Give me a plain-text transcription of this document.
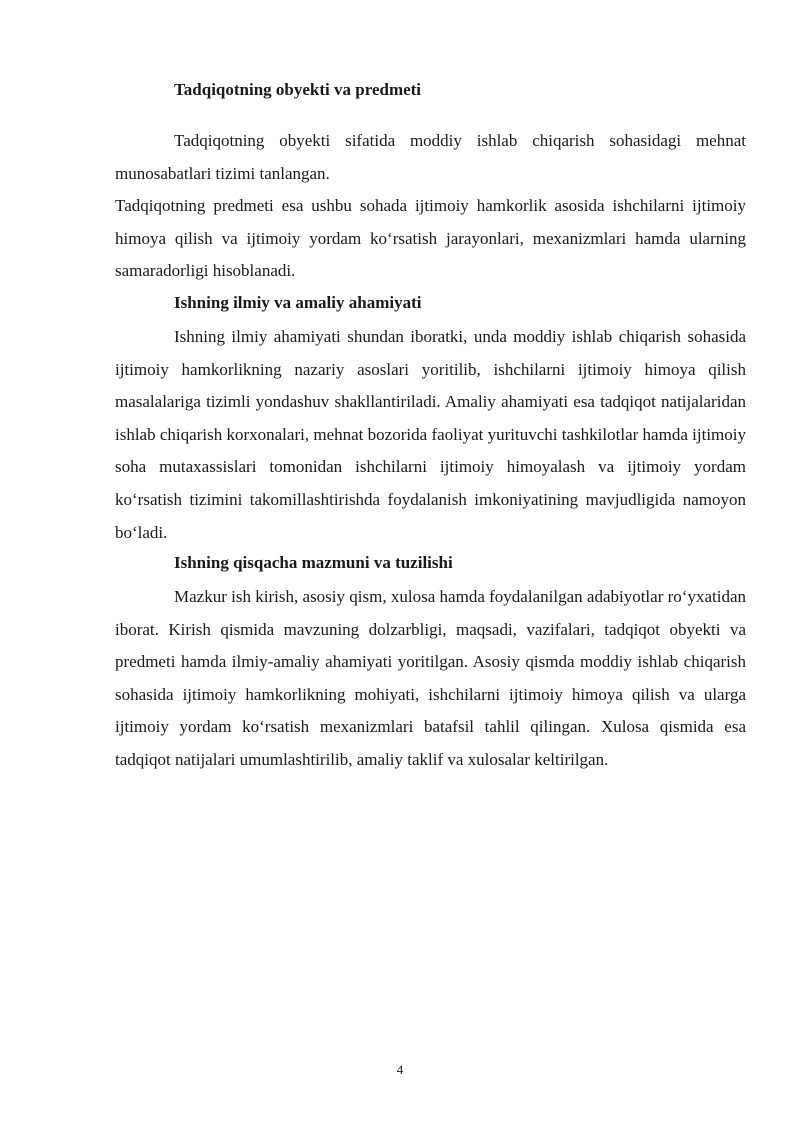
Tadqiqotning obyekti va predmeti
Tadqiqotning obyekti sifatida moddiy ishlab chiqarish sohasidagi mehnat munosabatlari tizimi tanlangan.
Tadqiqotning predmeti esa ushbu sohada ijtimoiy hamkorlik asosida ishchilarni ijtimoiy himoya qilish va ijtimoiy yordam ko‘rsatish jarayonlari, mexanizmlari hamda ularning samaradorligi hisoblanadi.
Ishning ilmiy va amaliy ahamiyati
Ishning ilmiy ahamiyati shundan iboratki, unda moddiy ishlab chiqarish sohasida ijtimoiy hamkorlikning nazariy asoslari yoritilib, ishchilarni ijtimoiy himoya qilish masalalariga tizimli yondashuv shakllantiriladi. Amaliy ahamiyati esa tadqiqot natijalaridan ishlab chiqarish korxonalari, mehnat bozorida faoliyat yurituvchi tashkilotlar hamda ijtimoiy soha mutaxassislari tomonidan ishchilarni ijtimoiy himoyalash va ijtimoiy yordam ko‘rsatish tizimini takomillashtirishda foydalanish imkoniyatining mavjudligida namoyon bo‘ladi.
Ishning qisqacha mazmuni va tuzilishi
Mazkur ish kirish, asosiy qism, xulosa hamda foydalanilgan adabiyotlar ro‘yxatidan iborat. Kirish qismida mavzuning dolzarbligi, maqsadi, vazifalari, tadqiqot obyekti va predmeti hamda ilmiy-amaliy ahamiyati yoritilgan. Asosiy qismda moddiy ishlab chiqarish sohasida ijtimoiy hamkorlikning mohiyati, ishchilarni ijtimoiy himoya qilish va ularga ijtimoiy yordam ko‘rsatish mexanizmlari batafsil tahlil qilingan. Xulosa qismida esa tadqiqot natijalari umumlashtirilib, amaliy taklif va xulosalar keltirilgan.
4
